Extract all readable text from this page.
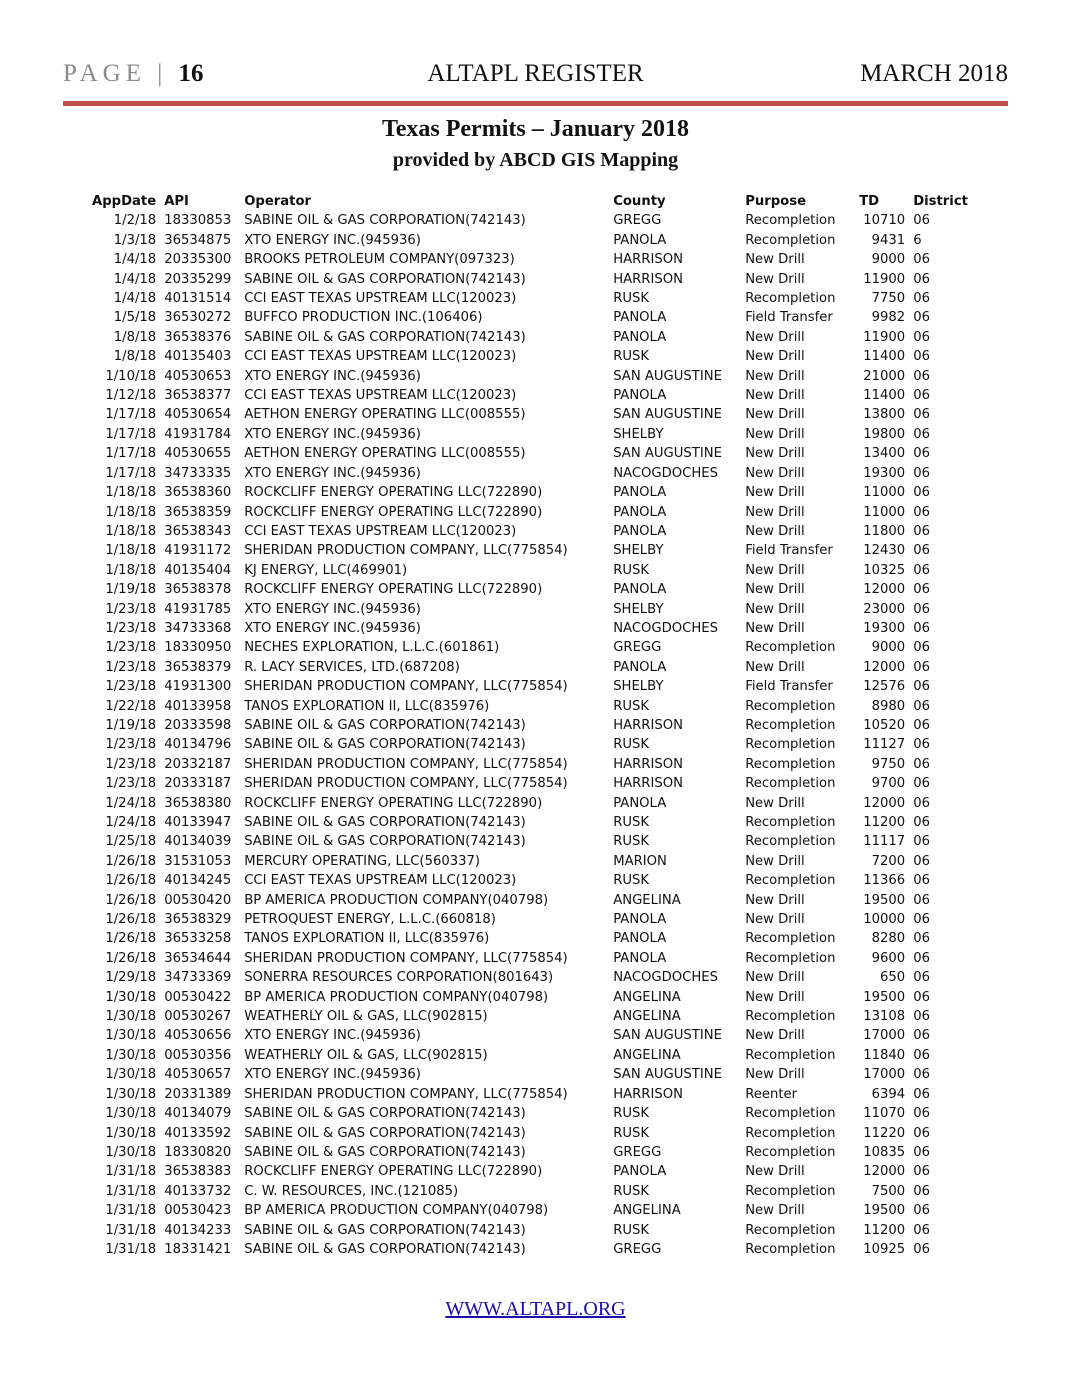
PAGE | 16	ALTAPL REGISTER	MARCH 2018
Texas Permits – January 2018
provided by ABCD GIS Mapping
AppDate	API	Operator	County	Purpose	TD	District
1/2/18	18330853	SABINE OIL & GAS CORPORATION(742143)	GREGG	Recompletion	10710	06
1/3/18	36534875	XTO ENERGY INC.(945936)	PANOLA	Recompletion	9431	6
1/4/18	20335300	BROOKS PETROLEUM COMPANY(097323)	HARRISON	New Drill	9000	06
1/4/18	20335299	SABINE OIL & GAS CORPORATION(742143)	HARRISON	New Drill	11900	06
1/4/18	40131514	CCI EAST TEXAS UPSTREAM LLC(120023)	RUSK	Recompletion	7750	06
1/5/18	36530272	BUFFCO PRODUCTION INC.(106406)	PANOLA	Field Transfer	9982	06
1/8/18	36538376	SABINE OIL & GAS CORPORATION(742143)	PANOLA	New Drill	11900	06
1/8/18	40135403	CCI EAST TEXAS UPSTREAM LLC(120023)	RUSK	New Drill	11400	06
1/10/18	40530653	XTO ENERGY INC.(945936)	SAN AUGUSTINE	New Drill	21000	06
1/12/18	36538377	CCI EAST TEXAS UPSTREAM LLC(120023)	PANOLA	New Drill	11400	06
1/17/18	40530654	AETHON ENERGY OPERATING LLC(008555)	SAN AUGUSTINE	New Drill	13800	06
1/17/18	41931784	XTO ENERGY INC.(945936)	SHELBY	New Drill	19800	06
1/17/18	40530655	AETHON ENERGY OPERATING LLC(008555)	SAN AUGUSTINE	New Drill	13400	06
1/17/18	34733335	XTO ENERGY INC.(945936)	NACOGDOCHES	New Drill	19300	06
1/18/18	36538360	ROCKCLIFF ENERGY OPERATING LLC(722890)	PANOLA	New Drill	11000	06
1/18/18	36538359	ROCKCLIFF ENERGY OPERATING LLC(722890)	PANOLA	New Drill	11000	06
1/18/18	36538343	CCI EAST TEXAS UPSTREAM LLC(120023)	PANOLA	New Drill	11800	06
1/18/18	41931172	SHERIDAN PRODUCTION COMPANY, LLC(775854)	SHELBY	Field Transfer	12430	06
1/18/18	40135404	KJ ENERGY, LLC(469901)	RUSK	New Drill	10325	06
1/19/18	36538378	ROCKCLIFF ENERGY OPERATING LLC(722890)	PANOLA	New Drill	12000	06
1/23/18	41931785	XTO ENERGY INC.(945936)	SHELBY	New Drill	23000	06
1/23/18	34733368	XTO ENERGY INC.(945936)	NACOGDOCHES	New Drill	19300	06
1/23/18	18330950	NECHES EXPLORATION, L.L.C.(601861)	GREGG	Recompletion	9000	06
1/23/18	36538379	R. LACY SERVICES, LTD.(687208)	PANOLA	New Drill	12000	06
1/23/18	41931300	SHERIDAN PRODUCTION COMPANY, LLC(775854)	SHELBY	Field Transfer	12576	06
1/22/18	40133958	TANOS EXPLORATION II, LLC(835976)	RUSK	Recompletion	8980	06
1/19/18	20333598	SABINE OIL & GAS CORPORATION(742143)	HARRISON	Recompletion	10520	06
1/23/18	40134796	SABINE OIL & GAS CORPORATION(742143)	RUSK	Recompletion	11127	06
1/23/18	20332187	SHERIDAN PRODUCTION COMPANY, LLC(775854)	HARRISON	Recompletion	9750	06
1/23/18	20333187	SHERIDAN PRODUCTION COMPANY, LLC(775854)	HARRISON	Recompletion	9700	06
1/24/18	36538380	ROCKCLIFF ENERGY OPERATING LLC(722890)	PANOLA	New Drill	12000	06
1/24/18	40133947	SABINE OIL & GAS CORPORATION(742143)	RUSK	Recompletion	11200	06
1/25/18	40134039	SABINE OIL & GAS CORPORATION(742143)	RUSK	Recompletion	11117	06
1/26/18	31531053	MERCURY OPERATING, LLC(560337)	MARION	New Drill	7200	06
1/26/18	40134245	CCI EAST TEXAS UPSTREAM LLC(120023)	RUSK	Recompletion	11366	06
1/26/18	00530420	BP AMERICA PRODUCTION COMPANY(040798)	ANGELINA	New Drill	19500	06
1/26/18	36538329	PETROQUEST ENERGY, L.L.C.(660818)	PANOLA	New Drill	10000	06
1/26/18	36533258	TANOS EXPLORATION II, LLC(835976)	PANOLA	Recompletion	8280	06
1/26/18	36534644	SHERIDAN PRODUCTION COMPANY, LLC(775854)	PANOLA	Recompletion	9600	06
1/29/18	34733369	SONERRA RESOURCES CORPORATION(801643)	NACOGDOCHES	New Drill	650	06
1/30/18	00530422	BP AMERICA PRODUCTION COMPANY(040798)	ANGELINA	New Drill	19500	06
1/30/18	00530267	WEATHERLY OIL & GAS, LLC(902815)	ANGELINA	Recompletion	13108	06
1/30/18	40530656	XTO ENERGY INC.(945936)	SAN AUGUSTINE	New Drill	17000	06
1/30/18	00530356	WEATHERLY OIL & GAS, LLC(902815)	ANGELINA	Recompletion	11840	06
1/30/18	40530657	XTO ENERGY INC.(945936)	SAN AUGUSTINE	New Drill	17000	06
1/30/18	20331389	SHERIDAN PRODUCTION COMPANY, LLC(775854)	HARRISON	Reenter	6394	06
1/30/18	40134079	SABINE OIL & GAS CORPORATION(742143)	RUSK	Recompletion	11070	06
1/30/18	40133592	SABINE OIL & GAS CORPORATION(742143)	RUSK	Recompletion	11220	06
1/30/18	18330820	SABINE OIL & GAS CORPORATION(742143)	GREGG	Recompletion	10835	06
1/31/18	36538383	ROCKCLIFF ENERGY OPERATING LLC(722890)	PANOLA	New Drill	12000	06
1/31/18	40133732	C. W. RESOURCES, INC.(121085)	RUSK	Recompletion	7500	06
1/31/18	00530423	BP AMERICA PRODUCTION COMPANY(040798)	ANGELINA	New Drill	19500	06
1/31/18	40134233	SABINE OIL & GAS CORPORATION(742143)	RUSK	Recompletion	11200	06
1/31/18	18331421	SABINE OIL & GAS CORPORATION(742143)	GREGG	Recompletion	10925	06
WWW.ALTAPL.ORG
